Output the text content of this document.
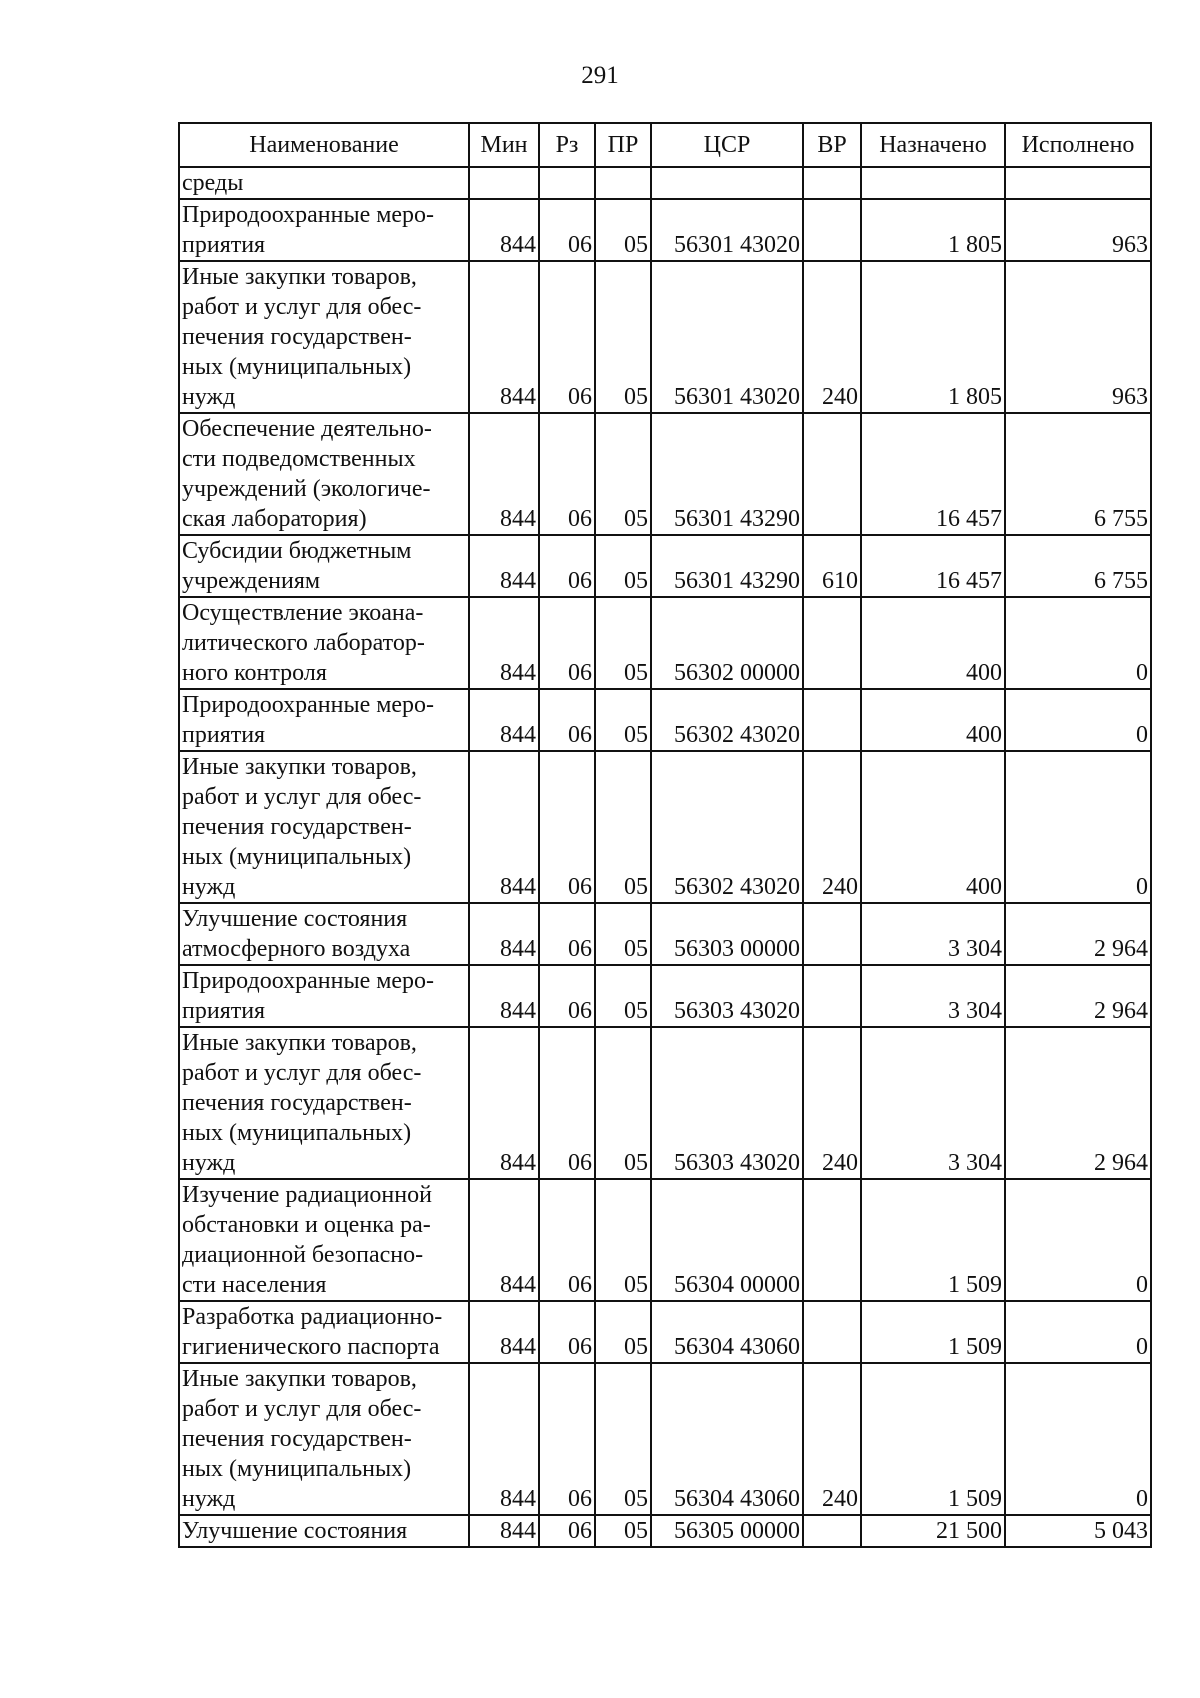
291
Наименование	Мин	Рз	ПР	ЦСР	ВР	Назначено	Исполнено
среды							
Природоохранные меро-
приятия	844	06	05	56301 43020		1 805	963
Иные закупки товаров,
работ и услуг для обес-
печения государствен-
ных (муниципальных)
нужд	844	06	05	56301 43020	240	1 805	963
Обеспечение деятельно-
сти подведомственных
учреждений (экологиче-
ская лаборатория)	844	06	05	56301 43290		16 457	6 755
Субсидии бюджетным
учреждениям	844	06	05	56301 43290	610	16 457	6 755
Осуществление экоана-
литического лаборатор-
ного контроля	844	06	05	56302 00000		400	0
Природоохранные меро-
приятия	844	06	05	56302 43020		400	0
Иные закупки товаров,
работ и услуг для обес-
печения государствен-
ных (муниципальных)
нужд	844	06	05	56302 43020	240	400	0
Улучшение состояния
атмосферного воздуха	844	06	05	56303 00000		3 304	2 964
Природоохранные меро-
приятия	844	06	05	56303 43020		3 304	2 964
Иные закупки товаров,
работ и услуг для обес-
печения государствен-
ных (муниципальных)
нужд	844	06	05	56303 43020	240	3 304	2 964
Изучение радиационной
обстановки и оценка ра-
диационной безопасно-
сти населения	844	06	05	56304 00000		1 509	0
Разработка радиационно-
гигиенического паспорта	844	06	05	56304 43060		1 509	0
Иные закупки товаров,
работ и услуг для обес-
печения государствен-
ных (муниципальных)
нужд	844	06	05	56304 43060	240	1 509	0
Улучшение состояния	844	06	05	56305 00000		21 500	5 043
